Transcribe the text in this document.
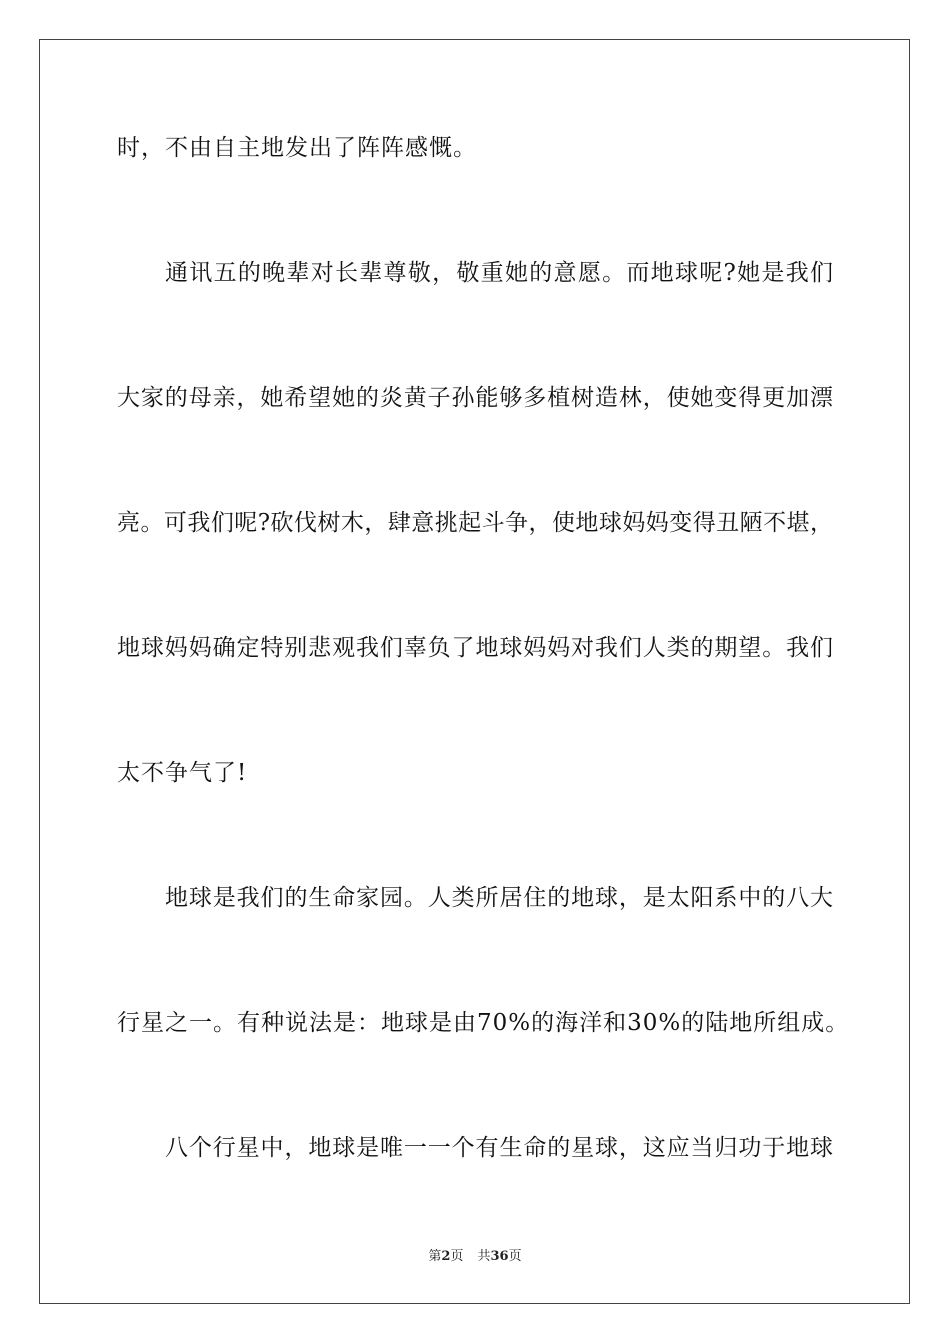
时，不由自主地发出了阵阵感慨。

通讯五的晚辈对长辈尊敬，敬重她的意愿。而地球呢?她是我们

大家的母亲，她希望她的炎黄子孙能够多植树造林，使她变得更加漂

亮。可我们呢?砍伐树木，肆意挑起斗争，使地球妈妈变得丑陋不堪，

地球妈妈确定特别悲观我们辜负了地球妈妈对我们人类的期望。我们

太不争气了!

地球是我们的生命家园。人类所居住的地球，是太阳系中的八大

行星之一。有种说法是：地球是由70%的海洋和30%的陆地所组成。

八个行星中，地球是唯一一个有生命的星球，这应当归功于地球

第2页 共36页
